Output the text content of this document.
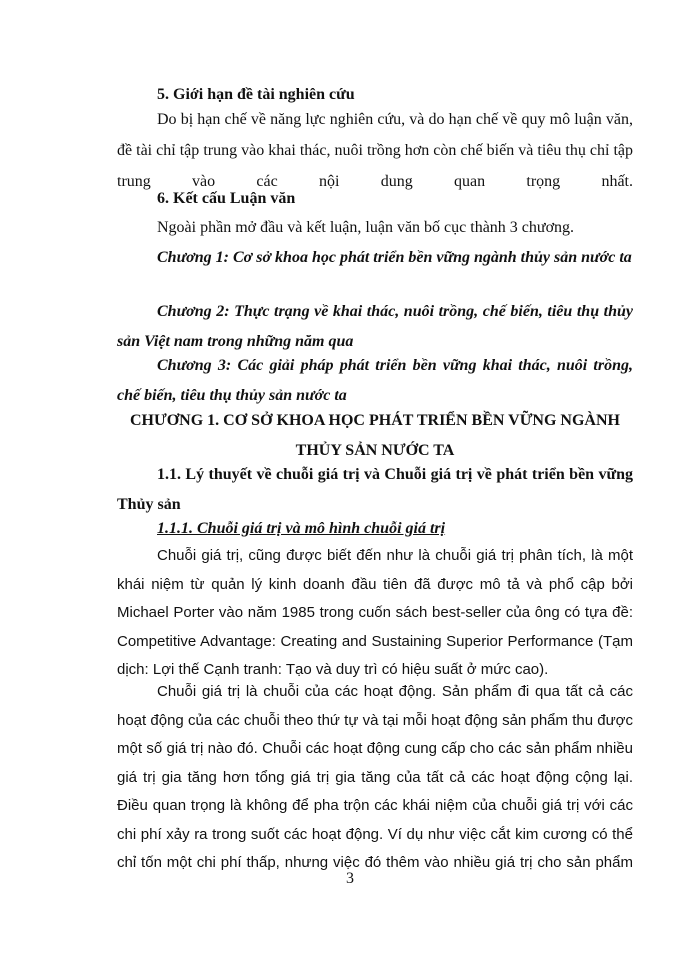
5. Giới hạn đề tài nghiên cứu
Do bị hạn chế về năng lực nghiên cứu, và do hạn chế về quy mô luận văn, đề tài chỉ tập trung vào khai thác, nuôi trồng hơn còn chế biến và tiêu thụ chỉ tập trung vào các nội dung quan trọng nhất.
6. Kết cấu Luận văn
Ngoài phần mở đầu và kết luận, luận văn bố cục thành 3 chương.
Chương 1: Cơ sở khoa học phát triển bền vững ngành thủy sản nước ta
Chương 2: Thực trạng về khai thác, nuôi trồng, chế biến, tiêu thụ thủy sản Việt nam trong những năm qua
Chương 3: Các giải pháp phát triển bền vững khai thác, nuôi trồng, chế biến, tiêu thụ thủy sản nước ta
CHƯƠNG 1. CƠ SỞ KHOA HỌC PHÁT TRIỂN BỀN VỮNG NGÀNH
THỦY SẢN NƯỚC TA
1.1. Lý thuyết về chuỗi giá trị và Chuỗi giá trị về phát triển bền vững Thủy sản
1.1.1. Chuỗi giá trị và mô hình chuỗi giá trị
Chuỗi giá trị, cũng được biết đến như là chuỗi giá trị phân tích, là một khái niệm từ quản lý kinh doanh đầu tiên đã được mô tả và phổ cập bởi Michael Porter vào năm 1985 trong cuốn sách best-seller của ông có tựa đề: Competitive Advantage: Creating and Sustaining Superior Performance (Tạm dịch: Lợi thế Cạnh tranh: Tạo và duy trì có hiệu suất ở mức cao).
Chuỗi giá trị là chuỗi của các hoạt động. Sản phẩm đi qua tất cả các hoạt động của các chuỗi theo thứ tự và tại mỗi hoạt động sản phẩm thu được một số giá trị nào đó. Chuỗi các hoạt động cung cấp cho các sản phẩm nhiều giá trị gia tăng hơn tổng giá trị gia tăng của tất cả các hoạt động cộng lại. Điều quan trọng là không để pha trộn các khái niệm của chuỗi giá trị với các chi phí xảy ra trong suốt các hoạt động. Ví dụ như việc cắt kim cương có thể chỉ tốn một chi phí thấp, nhưng việc đó thêm vào nhiều giá trị cho sản phẩm
3
